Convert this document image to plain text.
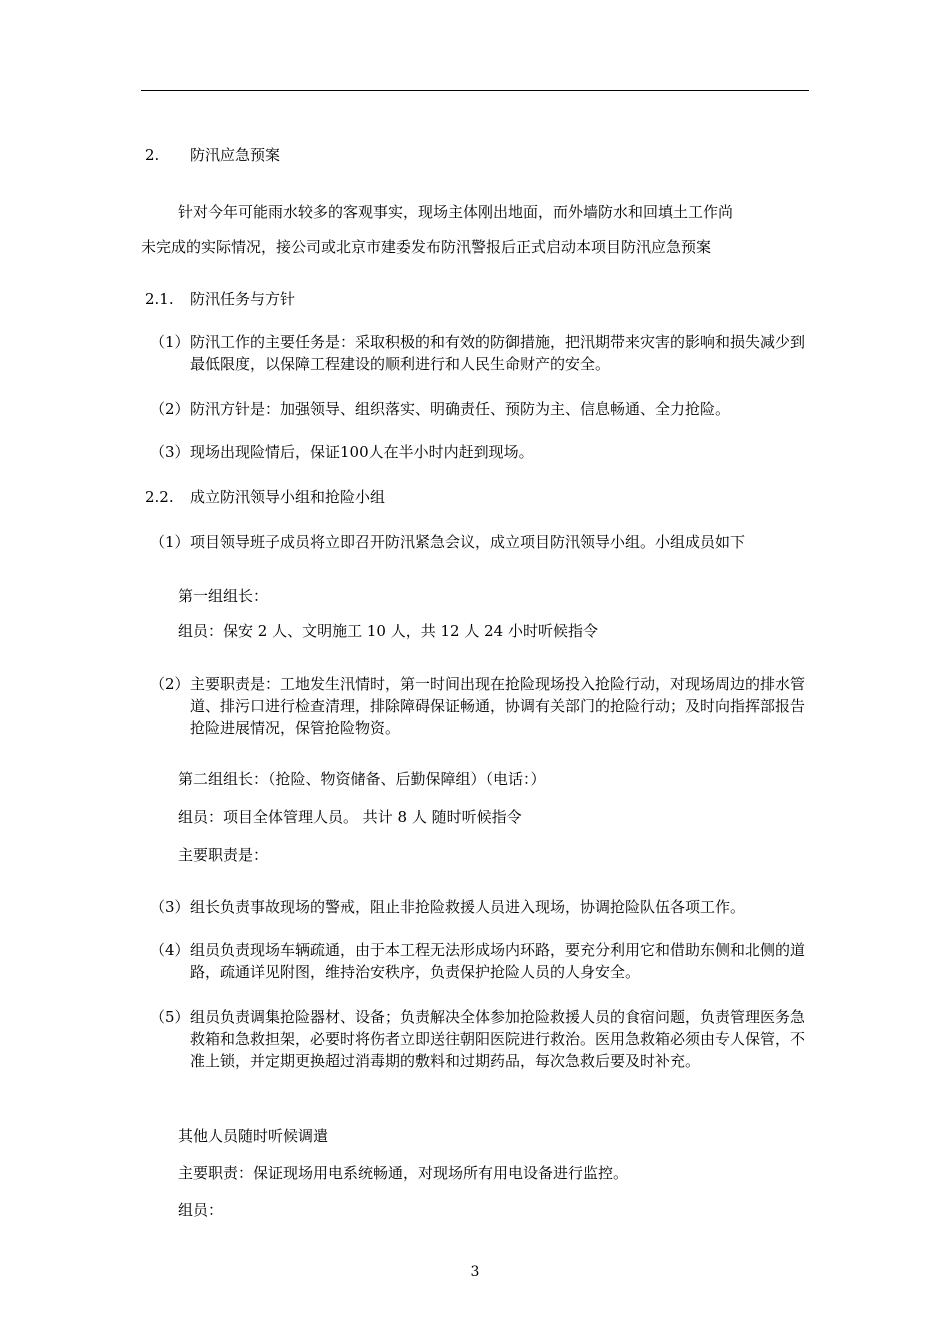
2. 防汛应急预案
针对今年可能雨水较多的客观事实，现场主体刚出地面，而外墙防水和回填土工作尚
未完成的实际情况，接公司或北京市建委发布防汛警报后正式启动本项目防汛应急预案
2.1. 防汛任务与方针
（1） 防汛工作的主要任务是：采取积极的和有效的防御措施，把汛期带来灾害的影响和损失减少到最低限度，以保障工程建设的顺利进行和人民生命财产的安全。
（2） 防汛方针是：加强领导、组织落实、明确责任、预防为主、信息畅通、全力抢险。
（3） 现场出现险情后，保证100人在半小时内赶到现场。
2.2. 成立防汛领导小组和抢险小组
（1） 项目领导班子成员将立即召开防汛紧急会议，成立项目防汛领导小组。小组成员如下
第一组组长：
组员：保安 2 人、文明施工 10 人，共 12 人 24 小时听候指令
（2） 主要职责是：工地发生汛情时，第一时间出现在抢险现场投入抢险行动，对现场周边的排水管道、排污口进行检查清理，排除障碍保证畅通，协调有关部门的抢险行动；及时向指挥部报告抢险进展情况，保管抢险物资。
第二组组长：（抢险、物资储备、后勤保障组）（电话：）
组员：项目全体管理人员。 共计 8 人 随时听候指令
主要职责是：
（3） 组长负责事故现场的警戒，阻止非抢险救援人员进入现场，协调抢险队伍各项工作。
（4） 组员负责现场车辆疏通，由于本工程无法形成场内环路，要充分利用它和借助东侧和北侧的道路，疏通详见附图，维持治安秩序，负责保护抢险人员的人身安全。
（5） 组员负责调集抢险器材、设备；负责解决全体参加抢险救援人员的食宿问题，负责管理医务急救箱和急救担架，必要时将伤者立即送往朝阳医院进行救治。医用急救箱必须由专人保管，不准上锁，并定期更换超过消毒期的敷料和过期药品，每次急救后要及时补充。
其他人员随时听候调遣
主要职责：保证现场用电系统畅通，对现场所有用电设备进行监控。
组员：
3
